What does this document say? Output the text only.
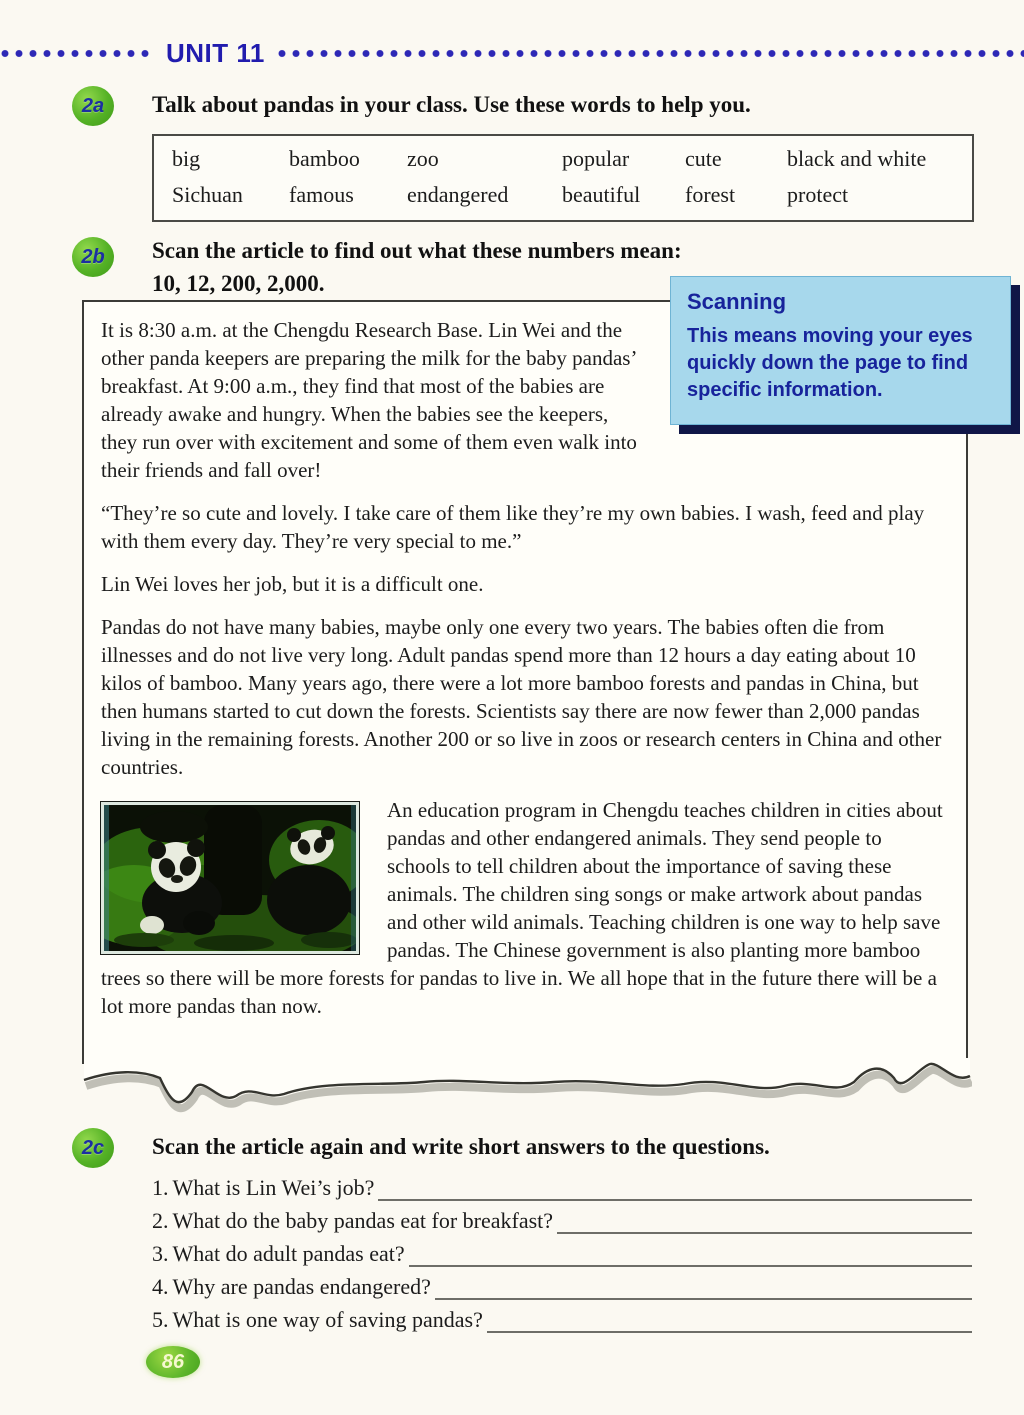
UNIT 11
2a	Talk about pandas in your class. Use these words to help you.
big	bamboo	zoo	popular	cute	black and white
Sichuan	famous	endangered	beautiful	forest	protect
2b	Scan the article to find out what these numbers mean:
10, 12, 200, 2,000.
Scanning
This means moving your eyes quickly down the page to find specific information.

It is 8:30 a.m. at the Chengdu Research Base. Lin Wei and the other panda keepers are preparing the milk for the baby pandas’ breakfast. At 9:00 a.m., they find that most of the babies are already awake and hungry. When the babies see the keepers, they run over with excitement and some of them even walk into their friends and fall over!

“They’re so cute and lovely. I take care of them like they’re my own babies. I wash, feed and play with them every day. They’re very special to me.”

Lin Wei loves her job, but it is a difficult one.

Pandas do not have many babies, maybe only one every two years. The babies often die from illnesses and do not live very long. Adult pandas spend more than 12 hours a day eating about 10 kilos of bamboo. Many years ago, there were a lot more bamboo forests and pandas in China, but then humans started to cut down the forests. Scientists say there are now fewer than 2,000 pandas living in the remaining forests. Another 200 or so live in zoos or research centers in China and other countries.

An education program in Chengdu teaches children in cities about pandas and other endangered animals. They send people to schools to tell children about the importance of saving these animals. The children sing songs or make artwork about pandas and other wild animals. Teaching children is one way to help save pandas. The Chinese government is also planting more bamboo trees so there will be more forests for pandas to live in. We all hope that in the future there will be a lot more pandas than now.

2c	Scan the article again and write short answers to the questions.
1. What is Lin Wei’s job?
2. What do the baby pandas eat for breakfast?
3. What do adult pandas eat?
4. Why are pandas endangered?
5. What is one way of saving pandas?
86
